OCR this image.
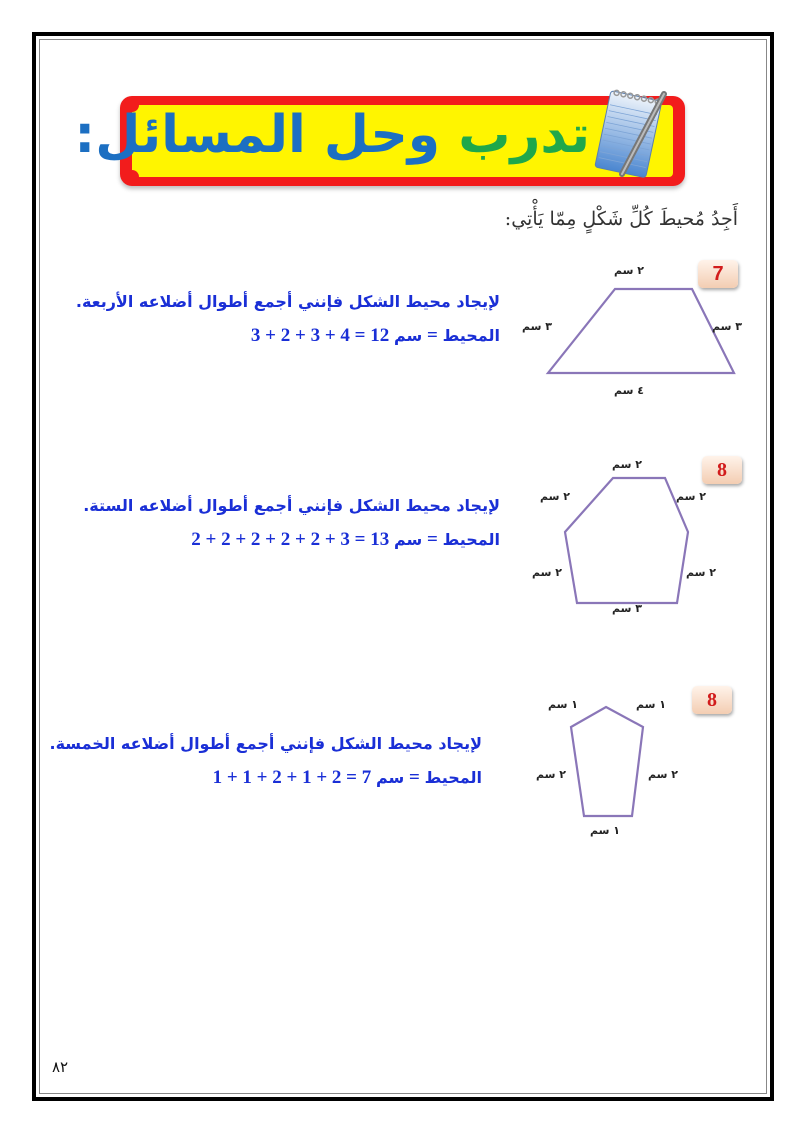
تدرب وحل المسائل:
أَجِدُ مُحيطَ كُلِّ شَكْلٍ مِمّا يَأْتِي:
7
٢ سم
٣ سم	٣ سم
٤ سم
لإيجاد محيط الشكل فإنني أجمع أطوال أضلاعه الأربعة.
المحيط سم 12 = 4 + 3 + 2 + 3 =
8
٢ سم
٢ سم	٢ سم
٢ سم	٢ سم
٣ سم
لإيجاد محيط الشكل فإنني أجمع أطوال أضلاعه الستة.
المحيط سم 13 = 3 + 2 + 2 + 2 + 2 + 2 =
8
١ سم	١ سم
٢ سم	٢ سم
١ سم
لإيجاد محيط الشكل فإنني أجمع أطوال أضلاعه الخمسة.
المحيط سم 7 = 2 + 1 + 2 + 1 + 1 =
٨٢
